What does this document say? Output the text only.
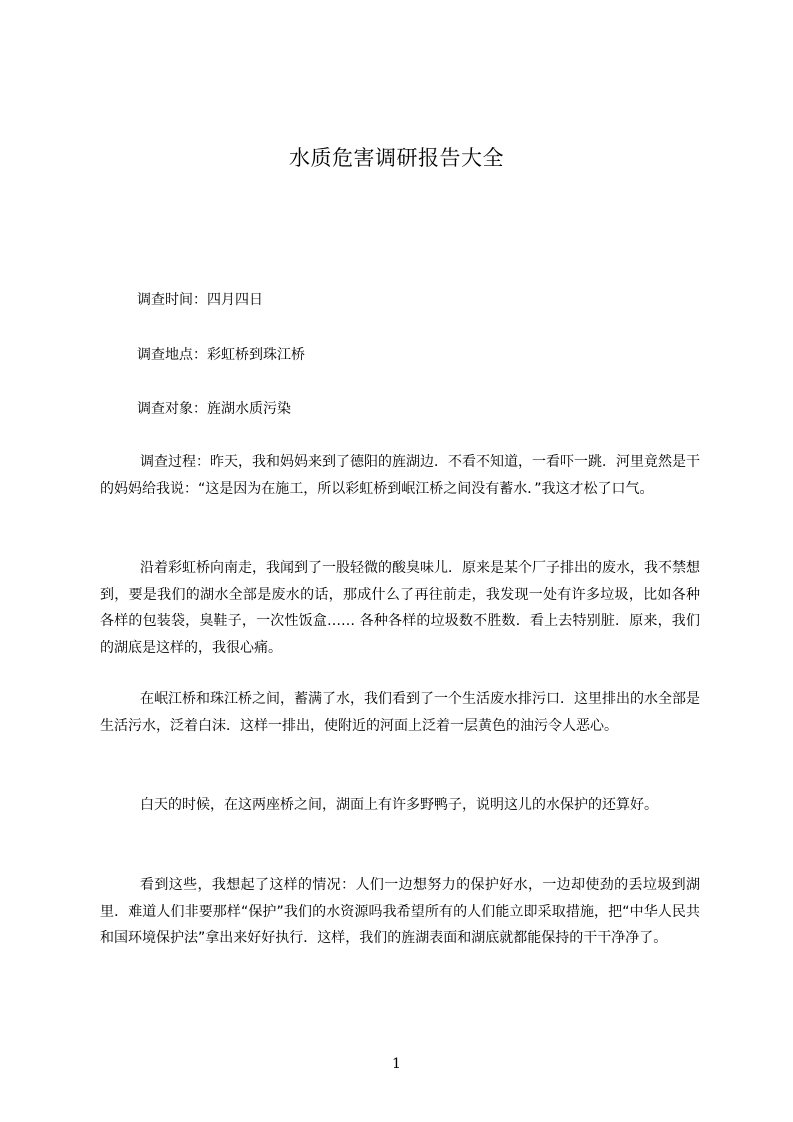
水质危害调研报告大全
调查时间：四月四日
调查地点：彩虹桥到珠江桥
调查对象：旌湖水质污染
调查过程：昨天，我和妈妈来到了德阳的旌湖边．不看不知道，一看吓一跳．河里竟然是干的妈妈给我说：“这是因为在施工，所以彩虹桥到岷江桥之间没有蓄水．”我这才松了口气。
沿着彩虹桥向南走，我闻到了一股轻微的酸臭味儿．原来是某个厂子排出的废水，我不禁想到，要是我们的湖水全部是废水的话，那成什么了再往前走，我发现一处有许多垃圾，比如各种各样的包装袋，臭鞋子，一次性饭盒…… 各种各样的垃圾数不胜数．看上去特别脏．原来，我们的湖底是这样的，我很心痛。
在岷江桥和珠江桥之间，蓄满了水，我们看到了一个生活废水排污口．这里排出的水全部是生活污水，泛着白沫．这样一排出，使附近的河面上泛着一层黄色的油污令人恶心。
白天的时候，在这两座桥之间，湖面上有许多野鸭子，说明这儿的水保护的还算好。
看到这些，我想起了这样的情况：人们一边想努力的保护好水，一边却使劲的丢垃圾到湖里．难道人们非要那样“保护”我们的水资源吗我希望所有的人们能立即采取措施，把“中华人民共和国环境保护法”拿出来好好执行．这样，我们的旌湖表面和湖底就都能保持的干干净净了。
1
